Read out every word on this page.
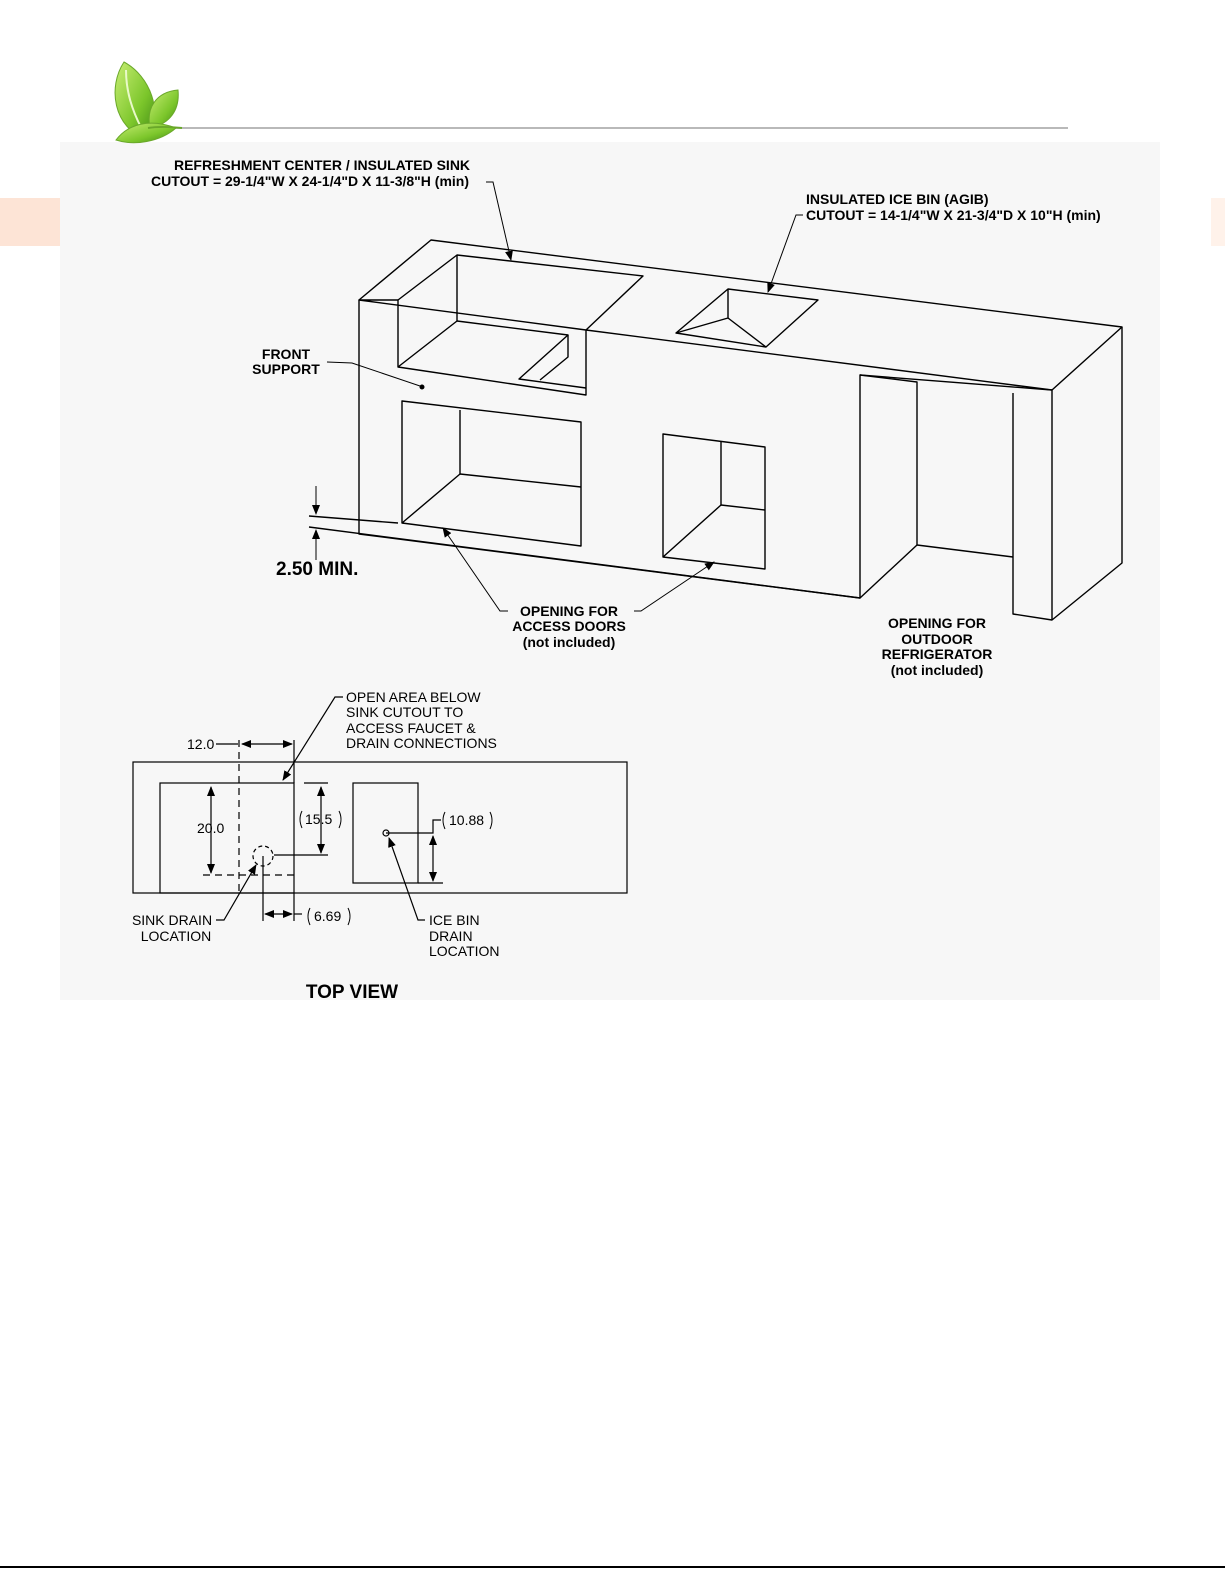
REFRESHMENT CENTER / INSULATED SINK
CUTOUT = 29-1/4"W X 24-1/4"D X 11-3/8"H (min)
INSULATED ICE BIN (AGIB)
CUTOUT = 14-1/4"W X 21-3/4"D X 10"H (min)
FRONT
SUPPORT
2.50 MIN.
OPENING FOR
ACCESS DOORS
(not included)
OPENING FOR
OUTDOOR
REFRIGERATOR
(not included)
OPEN AREA BELOW
SINK CUTOUT TO
ACCESS FAUCET &
DRAIN CONNECTIONS
12.0
20.0
15.5	10.88
6.69
SINK DRAIN
LOCATION
ICE BIN
DRAIN
LOCATION
TOP VIEW
